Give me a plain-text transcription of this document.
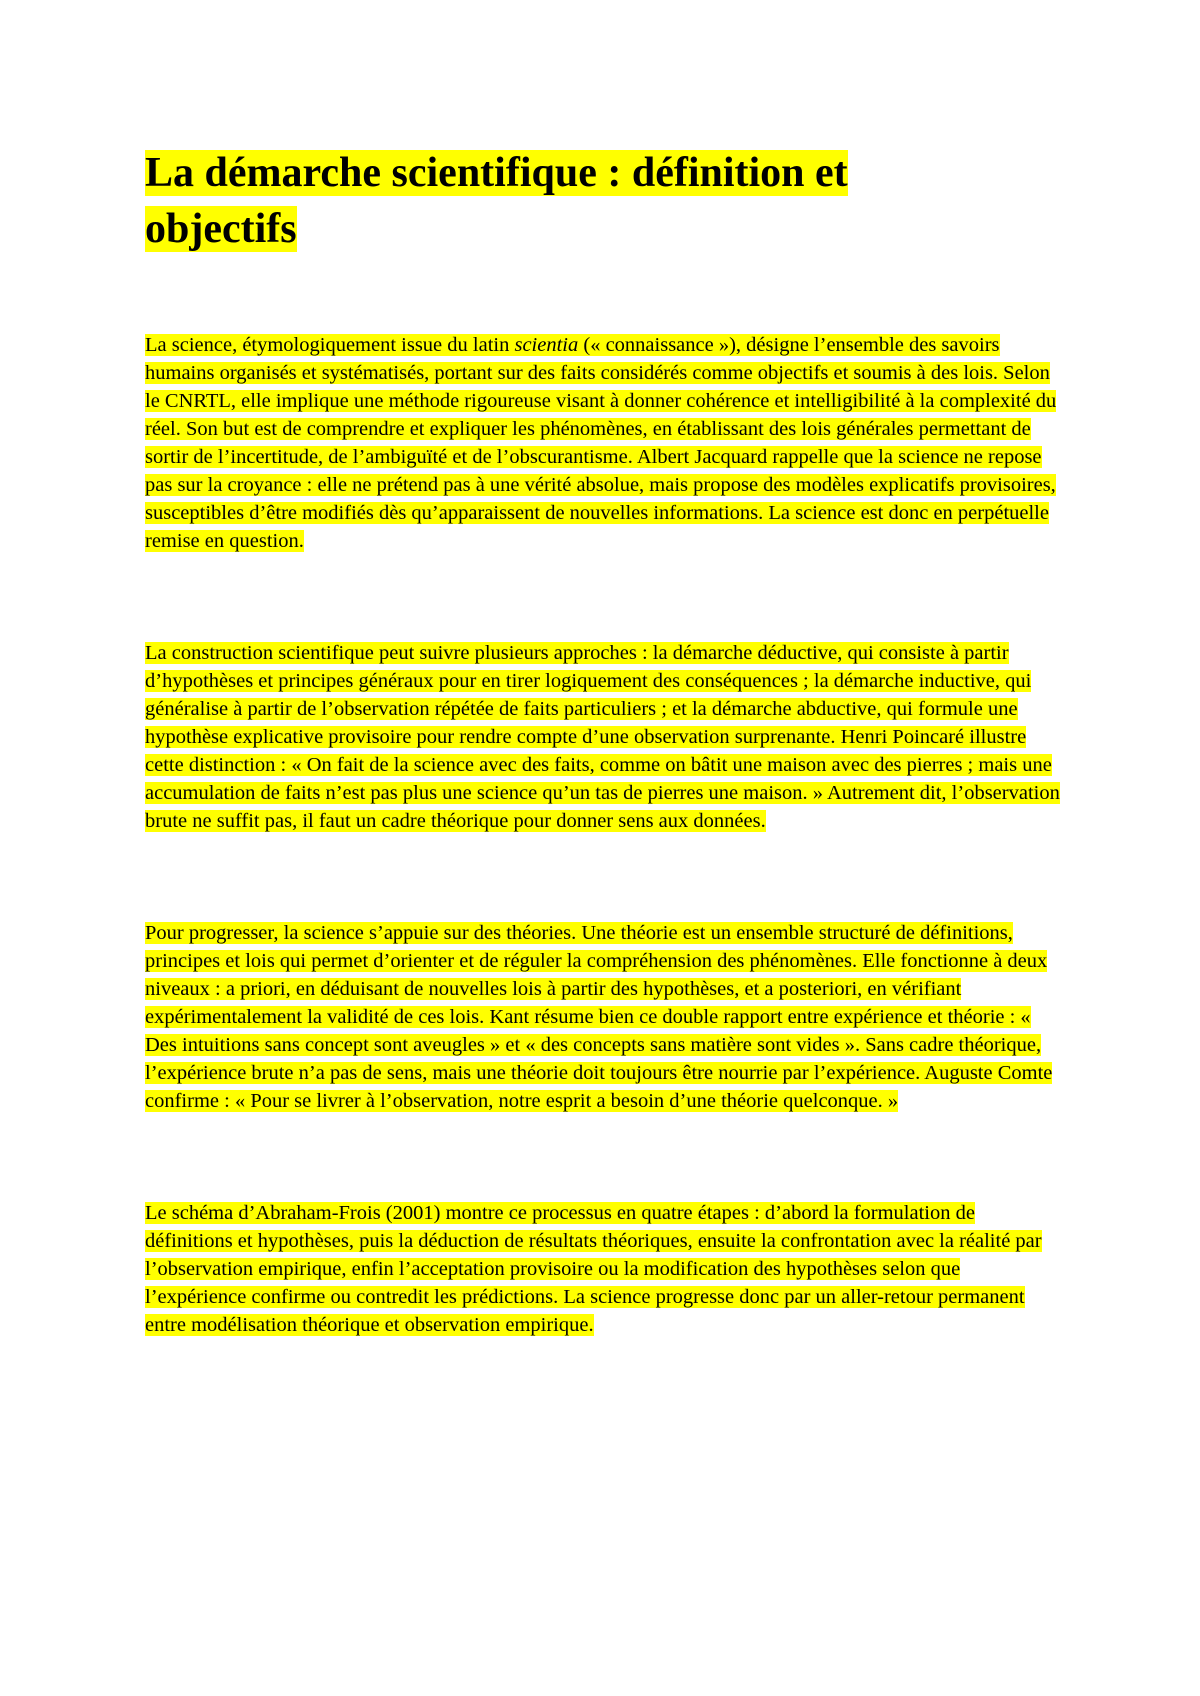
La démarche scientifique : définition et objectifs

La science, étymologiquement issue du latin scientia (« connaissance »), désigne l’ensemble des savoirs humains organisés et systématisés, portant sur des faits considérés comme objectifs et soumis à des lois. Selon le CNRTL, elle implique une méthode rigoureuse visant à donner cohérence et intelligibilité à la complexité du réel. Son but est de comprendre et expliquer les phénomènes, en établissant des lois générales permettant de sortir de l’incertitude, de l’ambiguïté et de l’obscurantisme. Albert Jacquard rappelle que la science ne repose pas sur la croyance : elle ne prétend pas à une vérité absolue, mais propose des modèles explicatifs provisoires, susceptibles d’être modifiés dès qu’apparaissent de nouvelles informations. La science est donc en perpétuelle remise en question.

La construction scientifique peut suivre plusieurs approches : la démarche déductive, qui consiste à partir d’hypothèses et principes généraux pour en tirer logiquement des conséquences ; la démarche inductive, qui généralise à partir de l’observation répétée de faits particuliers ; et la démarche abductive, qui formule une hypothèse explicative provisoire pour rendre compte d’une observation surprenante. Henri Poincaré illustre cette distinction : « On fait de la science avec des faits, comme on bâtit une maison avec des pierres ; mais une accumulation de faits n’est pas plus une science qu’un tas de pierres une maison. » Autrement dit, l’observation brute ne suffit pas, il faut un cadre théorique pour donner sens aux données.

Pour progresser, la science s’appuie sur des théories. Une théorie est un ensemble structuré de définitions, principes et lois qui permet d’orienter et de réguler la compréhension des phénomènes. Elle fonctionne à deux niveaux : a priori, en déduisant de nouvelles lois à partir des hypothèses, et a posteriori, en vérifiant expérimentalement la validité de ces lois. Kant résume bien ce double rapport entre expérience et théorie : « Des intuitions sans concept sont aveugles » et « des concepts sans matière sont vides ». Sans cadre théorique, l’expérience brute n’a pas de sens, mais une théorie doit toujours être nourrie par l’expérience. Auguste Comte confirme : « Pour se livrer à l’observation, notre esprit a besoin d’une théorie quelconque. »

Le schéma d’Abraham-Frois (2001) montre ce processus en quatre étapes : d’abord la formulation de définitions et hypothèses, puis la déduction de résultats théoriques, ensuite la confrontation avec la réalité par l’observation empirique, enfin l’acceptation provisoire ou la modification des hypothèses selon que l’expérience confirme ou contredit les prédictions. La science progresse donc par un aller-retour permanent entre modélisation théorique et observation empirique.
